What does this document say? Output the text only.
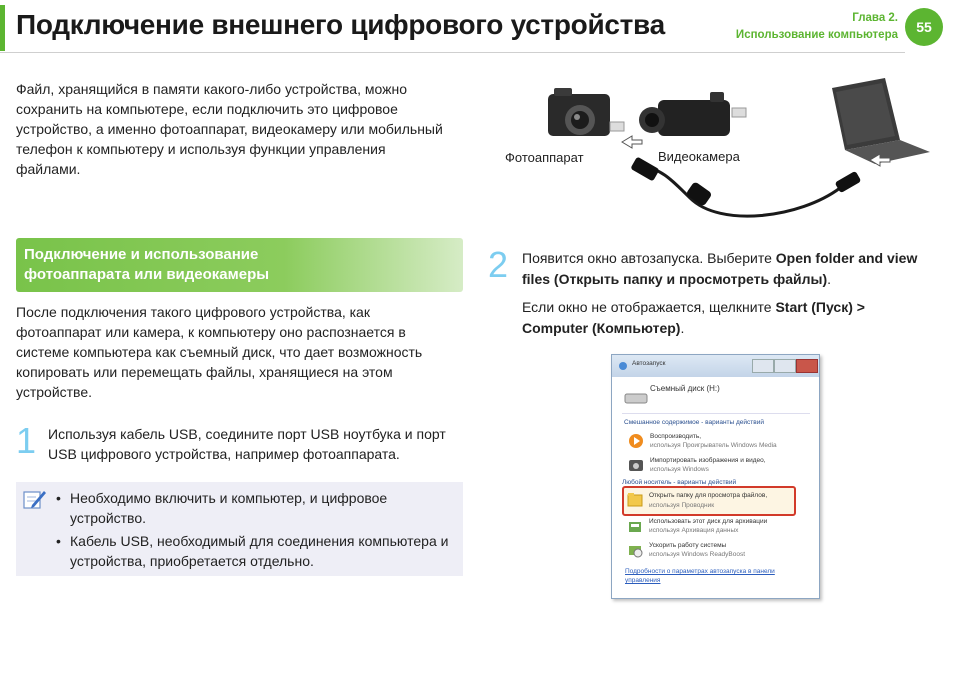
Подключение внешнего цифрового устройства	Глава 2.
Использование компьютера	55
Файл, хранящийся в памяти какого-либо устройства, можно сохранить на компьютере, если подключить это цифровое устройство, а именно фотоаппарат, видеокамеру или мобильный телефон к компьютеру и используя функции управления файлами.
Фотоаппарат	Видеокамера
Подключение и использование
фотоаппарата или видеокамеры
После подключения такого цифрового устройства, как фотоаппарат или камера, к компьютеру оно распознается в системе компьютера как съемный диск, что дает возможность копировать или перемещать файлы, хранящиеся на этом устройстве.
1 Используя кабель USB, соедините порт USB ноутбука и порт USB цифрового устройства, например фотоаппарата.
• Необходимо включить и компьютер, и цифровое устройство.
• Кабель USB, необходимый для соединения компьютера и устройства, приобретается отдельно.
2 Появится окно автозапуска. Выберите Open folder and view files (Открыть папку и просмотреть файлы).

Если окно не отображается, щелкните Start (Пуск) > Computer (Компьютер).

Автозапуск
Съемный диск (H:)
Смешанное содержимое - варианты действий
Воспроизводить,
используя Проигрыватель Windows Media
Импортировать изображения и видео,
используя Windows
Любой носитель - варианты действий
Открыть папку для просмотра файлов,
используя Проводник
Использовать этот диск для архивации
используя Архивация данных
Ускорить работу системы
используя Windows ReadyBoost
Подробности о параметрах автозапуска в панели
управления
